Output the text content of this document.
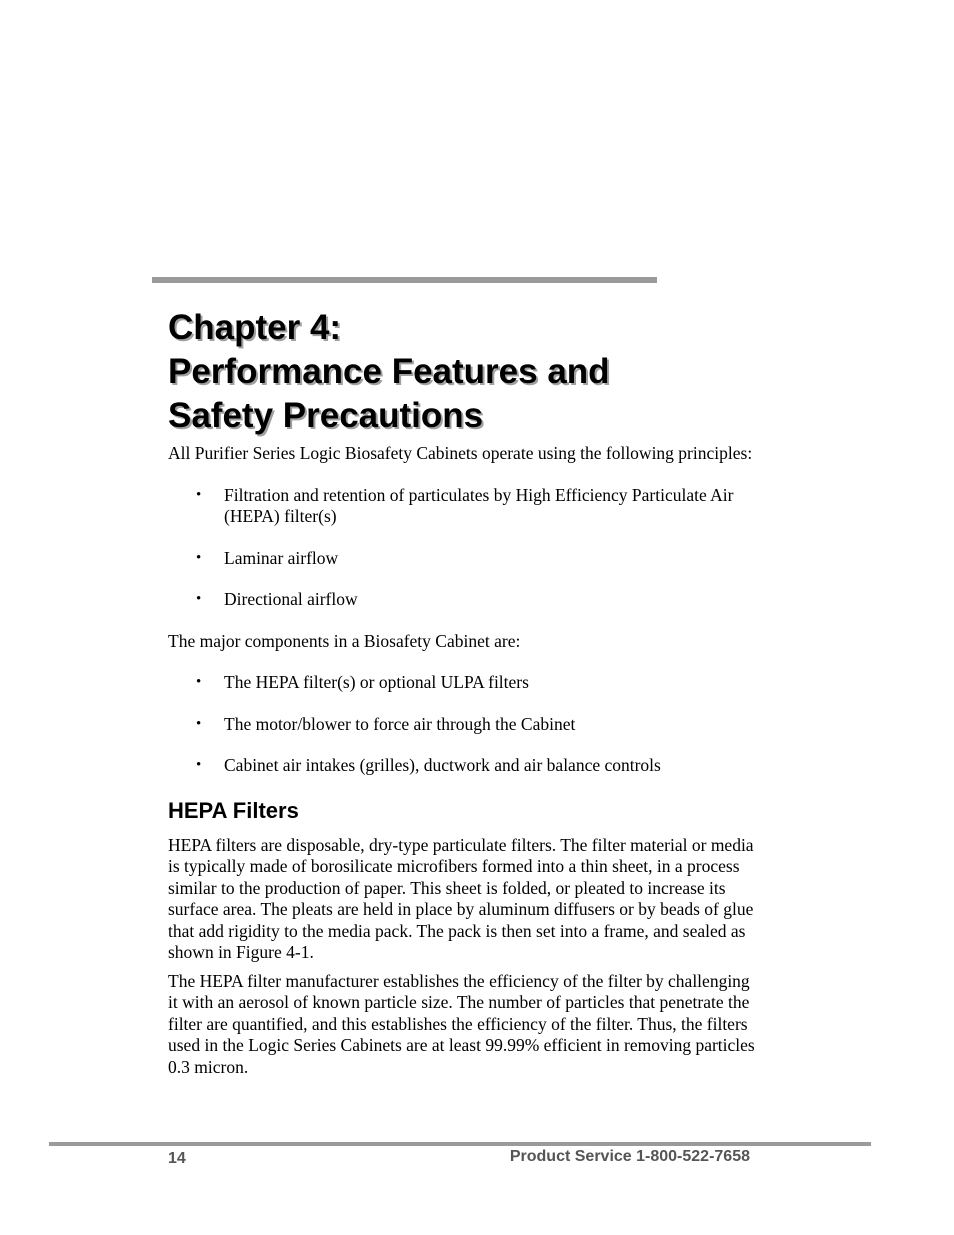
Chapter 4:
Performance Features and
Safety Precautions

All Purifier Series Logic Biosafety Cabinets operate using the following principles:

• Filtration and retention of particulates by High Efficiency Particulate Air (HEPA) filter(s)
• Laminar airflow
• Directional airflow

The major components in a Biosafety Cabinet are:

• The HEPA filter(s) or optional ULPA filters
• The motor/blower to force air through the Cabinet
• Cabinet air intakes (grilles), ductwork and air balance controls
HEPA Filters

HEPA filters are disposable, dry-type particulate filters. The filter material or media is typically made of borosilicate microfibers formed into a thin sheet, in a process similar to the production of paper. This sheet is folded, or pleated to increase its surface area. The pleats are held in place by aluminum diffusers or by beads of glue that add rigidity to the media pack. The pack is then set into a frame, and sealed as shown in Figure 4-1.

The HEPA filter manufacturer establishes the efficiency of the filter by challenging it with an aerosol of known particle size. The number of particles that penetrate the filter are quantified, and this establishes the efficiency of the filter. Thus, the filters used in the Logic Series Cabinets are at least 99.99% efficient in removing particles 0.3 micron.

14	Product Service 1-800-522-7658
